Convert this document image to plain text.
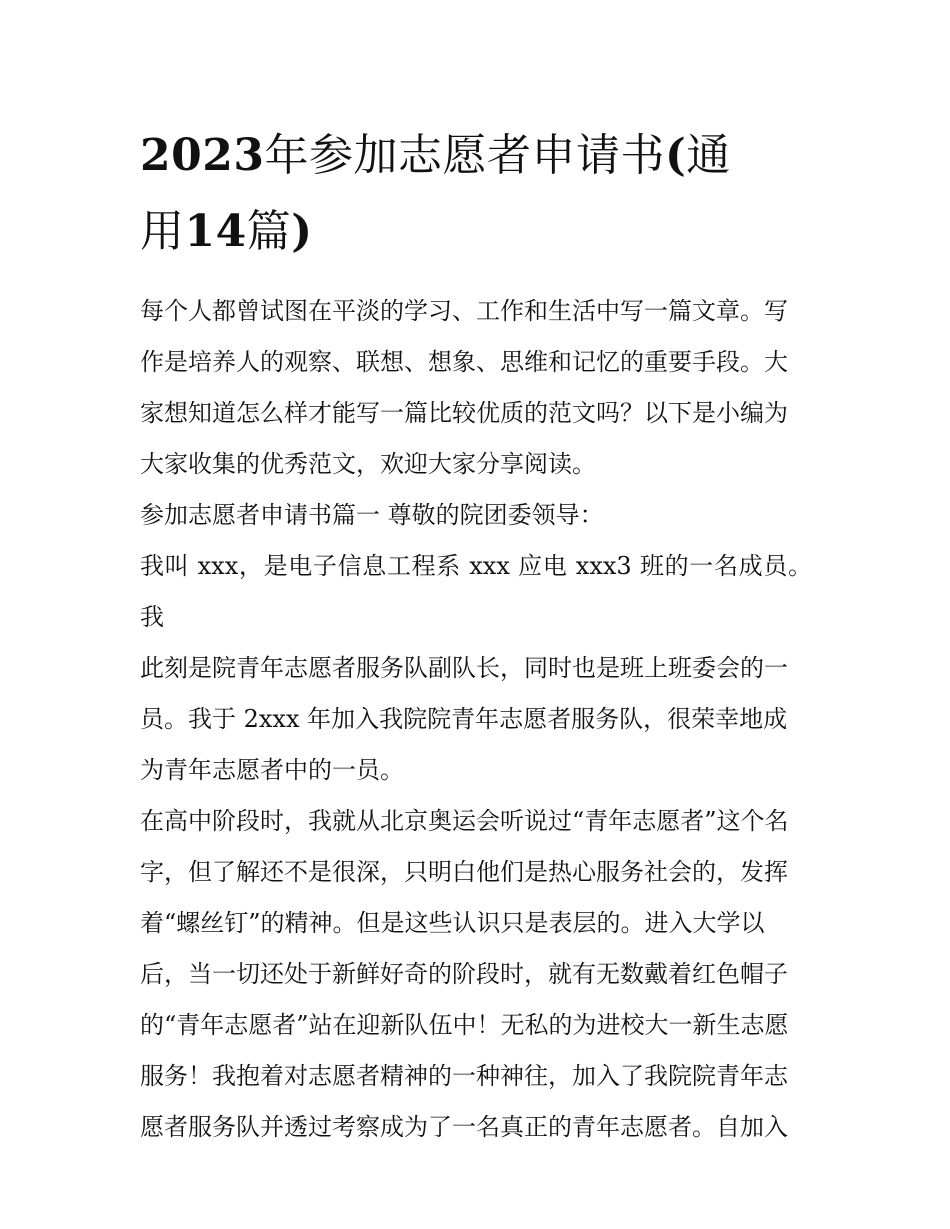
2023年参加志愿者申请书(通
用14篇)

每个人都曾试图在平淡的学习、工作和生活中写一篇文章。写

作是培养人的观察、联想、想象、思维和记忆的重要手段。大

家想知道怎么样才能写一篇比较优质的范文吗？以下是小编为

大家收集的优秀范文，欢迎大家分享阅读。

参加志愿者申请书篇一 尊敬的院团委领导：

我叫 xxx，是电子信息工程系 xxx 应电 xxx3 班的一名成员。我

此刻是院青年志愿者服务队副队长，同时也是班上班委会的一

员。我于 2xxx 年加入我院院青年志愿者服务队，很荣幸地成

为青年志愿者中的一员。

在高中阶段时，我就从北京奥运会听说过“青年志愿者”这个名

字，但了解还不是很深，只明白他们是热心服务社会的，发挥

着“螺丝钉”的精神。但是这些认识只是表层的。进入大学以

后，当一切还处于新鲜好奇的阶段时，就有无数戴着红色帽子

的“青年志愿者”站在迎新队伍中！无私的为进校大一新生志愿

服务！我抱着对志愿者精神的一种神往，加入了我院院青年志

愿者服务队并透过考察成为了一名真正的青年志愿者。自加入
